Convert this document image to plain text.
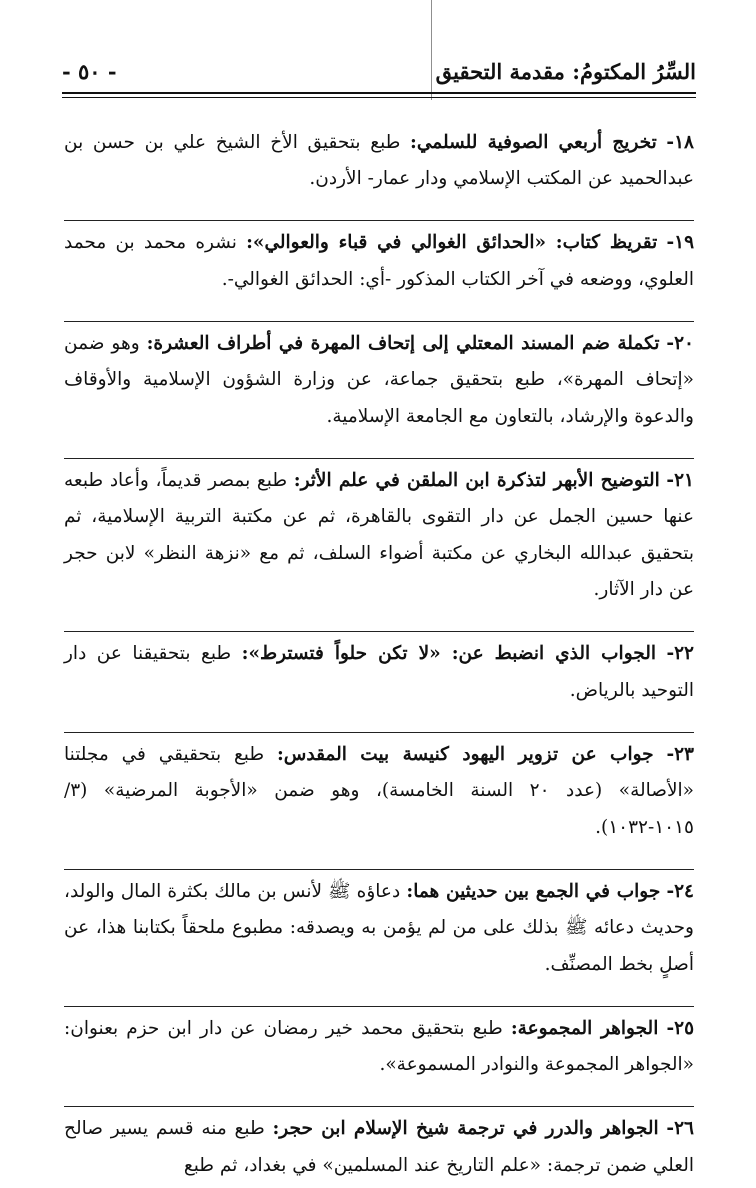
السِّرُ المكتومُ: مقدمة التحقيق
- ٥٠ -

١٨- تخريج أربعي الصوفية للسلمي: طبع بتحقيق الأخ الشيخ علي بن حسن بن عبدالحميد عن المكتب الإسلامي ودار عمار- الأردن.

١٩- تقريظ كتاب: «الحدائق الغوالي في قباء والعوالي»: نشره محمد بن محمد العلوي، ووضعه في آخر الكتاب المذكور -أي: الحدائق الغوالي-.

٢٠- تكملة ضم المسند المعتلي إلى إتحاف المهرة في أطراف العشرة: وهو ضمن «إتحاف المهرة»، طبع بتحقيق جماعة، عن وزارة الشؤون الإسلامية والأوقاف والدعوة والإرشاد، بالتعاون مع الجامعة الإسلامية.

٢١- التوضيح الأبهر لتذكرة ابن الملقن في علم الأثر: طبع بمصر قديماً، وأعاد طبعه عنها حسين الجمل عن دار التقوى بالقاهرة، ثم عن مكتبة التربية الإسلامية، ثم بتحقيق عبدالله البخاري عن مكتبة أضواء السلف، ثم مع «نزهة النظر» لابن حجر عن دار الآثار.

٢٢- الجواب الذي انضبط عن: «لا تكن حلواً فتسترط»: طبع بتحقيقنا عن دار التوحيد بالرياض.

٢٣- جواب عن تزوير اليهود كنيسة بيت المقدس: طبع بتحقيقي في مجلتنا «الأصالة» (عدد ٢٠ السنة الخامسة)، وهو ضمن «الأجوبة المرضية» (٣/ ١٠١٥-١٠٣٢).

٢٤- جواب في الجمع بين حديثين هما: دعاؤه ﷺ لأنس بن مالك بكثرة المال والولد، وحديث دعائه ﷺ بذلك على من لم يؤمن به ويصدقه: مطبوع ملحقاً بكتابنا هذا، عن أصلٍ بخط المصنِّف.

٢٥- الجواهر المجموعة: طبع بتحقيق محمد خير رمضان عن دار ابن حزم بعنوان: «الجواهر المجموعة والنوادر المسموعة».

٢٦- الجواهر والدرر في ترجمة شيخ الإسلام ابن حجر: طبع منه قسم يسير صالح العلي ضمن ترجمة: «علم التاريخ عند المسلمين» في بغداد، ثم طبع
